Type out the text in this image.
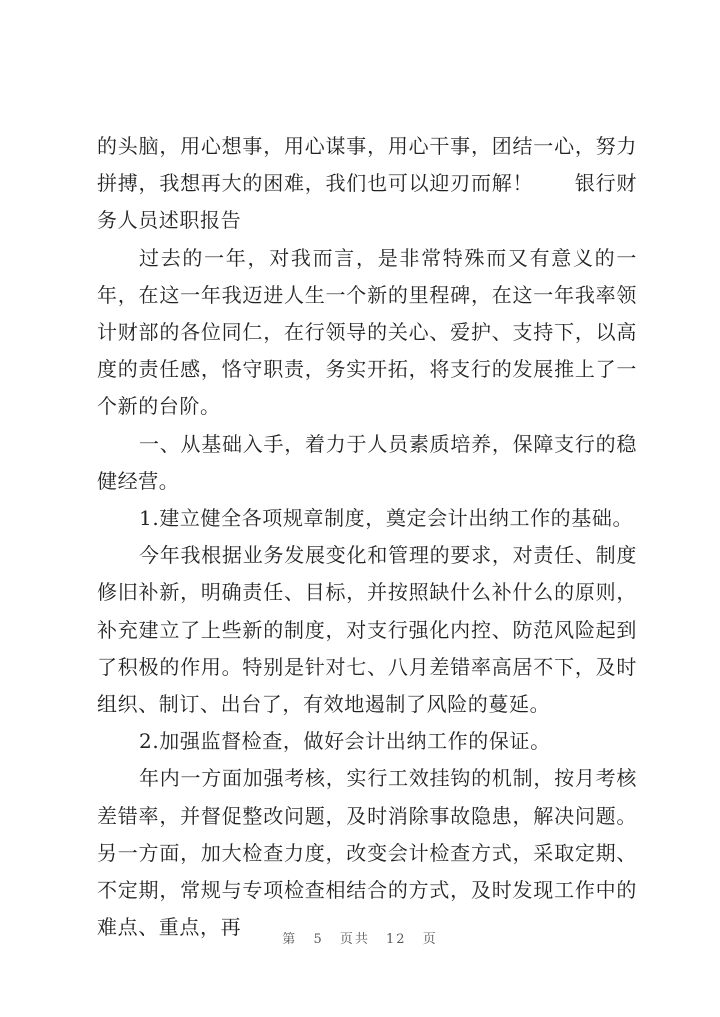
的头脑，用心想事，用心谋事，用心干事，团结一心，努力拼搏，我想再大的困难，我们也可以迎刃而解！　　银行财务人员述职报告

过去的一年，对我而言，是非常特殊而又有意义的一年，在这一年我迈进人生一个新的里程碑，在这一年我率领计财部的各位同仁，在行领导的关心、爱护、支持下，以高度的责任感，恪守职责，务实开拓，将支行的发展推上了一个新的台阶。

一、从基础入手，着力于人员素质培养，保障支行的稳健经营。

1.建立健全各项规章制度，奠定会计出纳工作的基础。

今年我根据业务发展变化和管理的要求，对责任、制度修旧补新，明确责任、目标，并按照缺什么补什么的原则，补充建立了上些新的制度，对支行强化内控、防范风险起到了积极的作用。特别是针对七、八月差错率高居不下，及时组织、制订、出台了，有效地遏制了风险的蔓延。

2.加强监督检查，做好会计出纳工作的保证。

年内一方面加强考核，实行工效挂钩的机制，按月考核差错率，并督促整改问题，及时消除事故隐患，解决问题。另一方面，加大检查力度，改变会计检查方式，采取定期、不定期，常规与专项检查相结合的方式，及时发现工作中的难点、重点，再

第 5 页共 12 页
